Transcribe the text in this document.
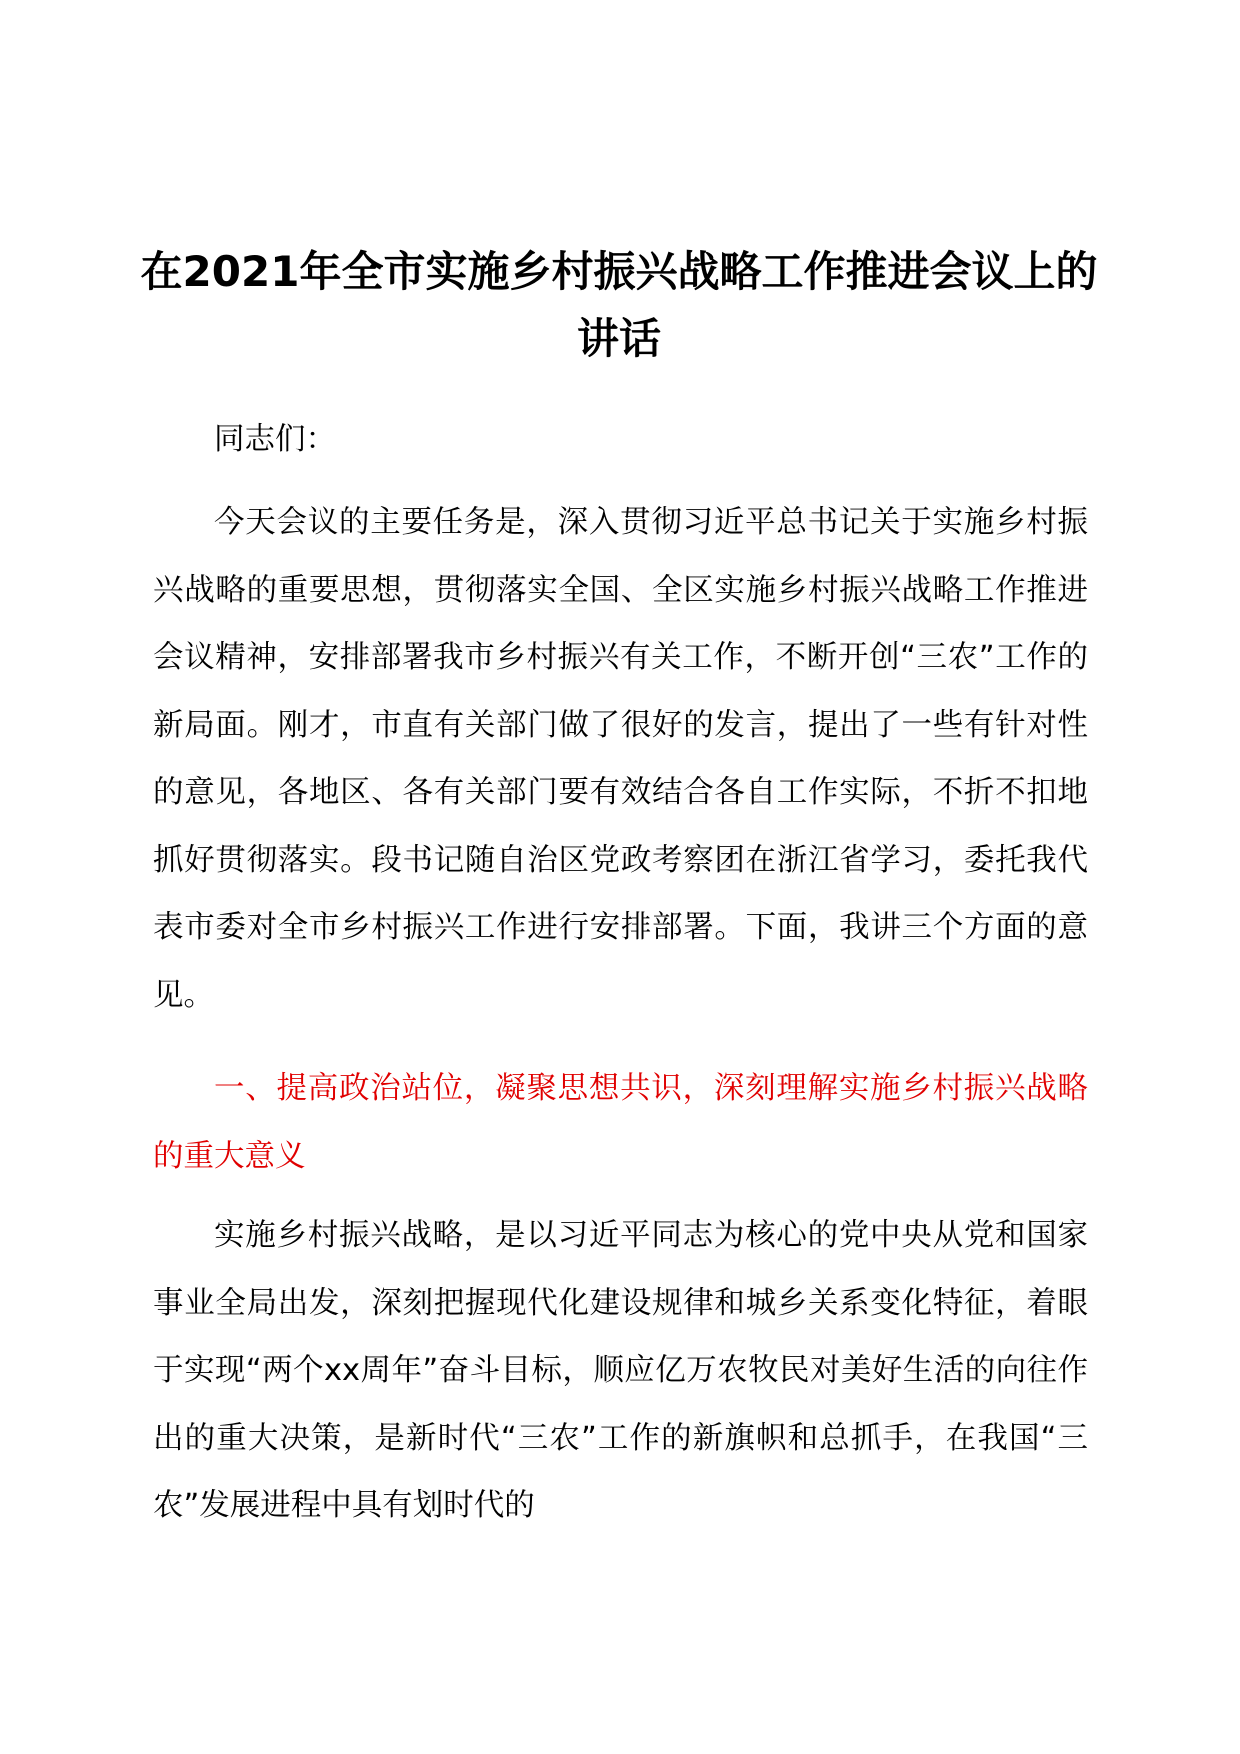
在2021年全市实施乡村振兴战略工作推进会议上的讲话

同志们：

今天会议的主要任务是，深入贯彻习近平总书记关于实施乡村振兴战略的重要思想，贯彻落实全国、全区实施乡村振兴战略工作推进会议精神，安排部署我市乡村振兴有关工作，不断开创“三农”工作的新局面。刚才，市直有关部门做了很好的发言，提出了一些有针对性的意见，各地区、各有关部门要有效结合各自工作实际，不折不扣地抓好贯彻落实。段书记随自治区党政考察团在浙江省学习，委托我代表市委对全市乡村振兴工作进行安排部署。下面，我讲三个方面的意见。

一、提高政治站位，凝聚思想共识，深刻理解实施乡村振兴战略的重大意义

实施乡村振兴战略，是以习近平同志为核心的党中央从党和国家事业全局出发，深刻把握现代化建设规律和城乡关系变化特征，着眼于实现“两个xx周年”奋斗目标，顺应亿万农牧民对美好生活的向往作出的重大决策，是新时代“三农”工作的新旗帜和总抓手，在我国“三农”发展进程中具有划时代的
